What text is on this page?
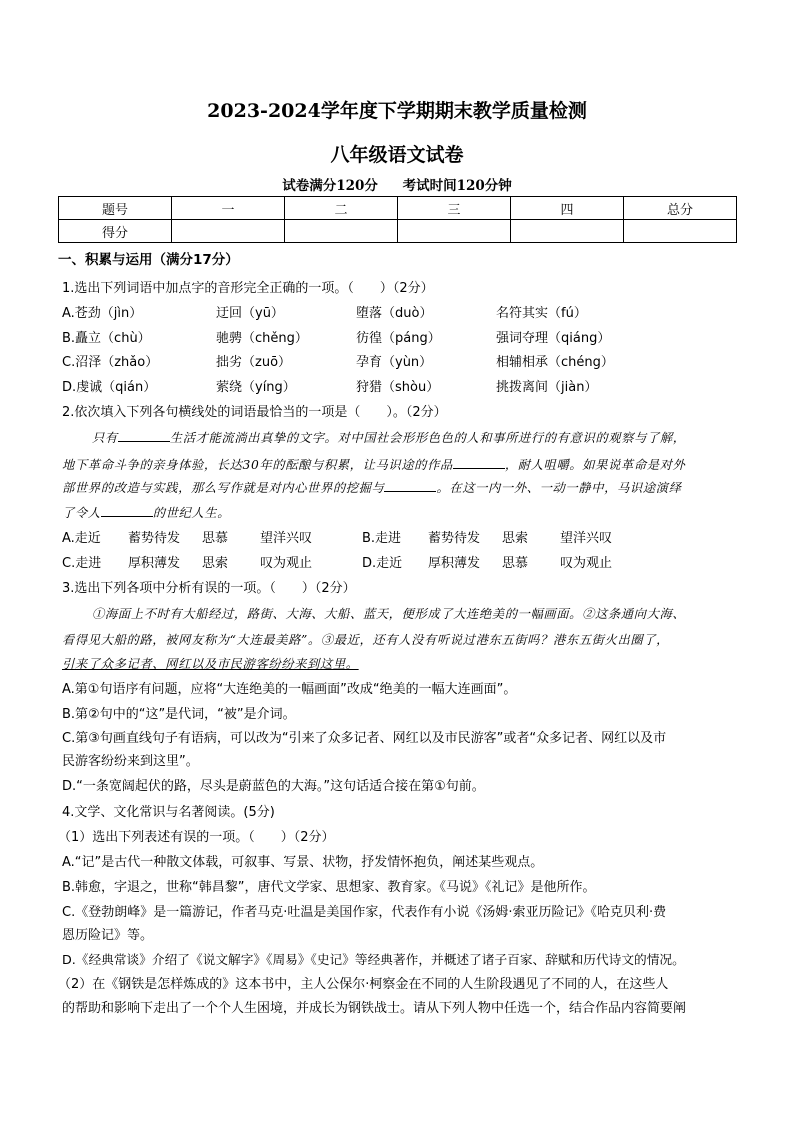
2023-2024学年度下学期期末教学质量检测
八年级语文试卷
试卷满分120分 考试时间120分钟
题号	一	二	三	四	总分
得分					
一、积累与运用（满分17分）
1.选出下列词语中加点字的音形完全正确的一项。（　　）（2分）
A.苍劲（jìn）	迂回（yū）	堕落（duò）	名符其实（fú）
B.矗立（chù）	驰骋（chěng）	彷徨（páng）	强词夺理（qiáng）
C.沼泽（zhǎo）	拙劣（zuō）	孕育（yùn）	相辅相承（chéng）
D.虔诚（qián）	萦绕（yíng）	狩猎（shòu）	挑拨离间（jiàn）
2.依次填入下列各句横线处的词语最恰当的一项是（　　）。（2分）
只有	生活才能流淌出真挚的文字。对中国社会形形色色的人和事所进行的有意识的观察与了解，
地下革命斗争的亲身体验，长达30年的酝酿与积累，让马识途的作品	，耐人咀嚼。如果说革命是对外
部世界的改造与实践，那么写作就是对内心世界的挖掘与	。在这一内一外、一动一静中，马识途演绎
了令人	的世纪人生。
A.走近 蓄势待发 思慕 望洋兴叹	B.走进 蓄势待发 思索 望洋兴叹
C.走进 厚积薄发 思索 叹为观止	D.走近 厚积薄发 思慕 叹为观止
3.选出下列各项中分析有误的一项。（　　）（2分）
①海面上不时有大船经过，路街、大海、大船、蓝天，便形成了大连绝美的一幅画面。②这条通向大海、
看得见大船的路，被网友称为“大连最美路”。③最近，还有人没有听说过港东五街吗？港东五街火出圈了，
引来了众多记者、网红以及市民游客纷纷来到这里。
A.第①句语序有问题，应将“大连绝美的一幅画面”改成“绝美的一幅大连画面”。
B.第②句中的“这”是代词，“被”是介词。
C.第③句画直线句子有语病，可以改为“引来了众多记者、网红以及市民游客”或者“众多记者、网红以及市
民游客纷纷来到这里”。
D.“一条宽阔起伏的路，尽头是蔚蓝色的大海。”这句话适合接在第①句前。
4.文学、文化常识与名著阅读。(5分)
（1）选出下列表述有误的一项。（　　）（2分）
A.“记”是古代一种散文体载，可叙事、写景、状物，抒发情怀抱负，阐述某些观点。
B.韩愈，字退之，世称“韩昌黎”，唐代文学家、思想家、教育家。《马说》《礼记》是他所作。
C.《登勃朗峰》是一篇游记，作者马克·吐温是美国作家，代表作有小说《汤姆·索亚历险记》《哈克贝利·费
恩历险记》等。
D.《经典常谈》介绍了《说文解字》《周易》《史记》等经典著作，并概述了诸子百家、辞赋和历代诗文的情况。
（2）在《钢铁是怎样炼成的》这本书中，主人公保尔·柯察金在不同的人生阶段遇见了不同的人，在这些人
的帮助和影响下走出了一个个人生困境，并成长为钢铁战士。请从下列人物中任选一个，结合作品内容简要阐
